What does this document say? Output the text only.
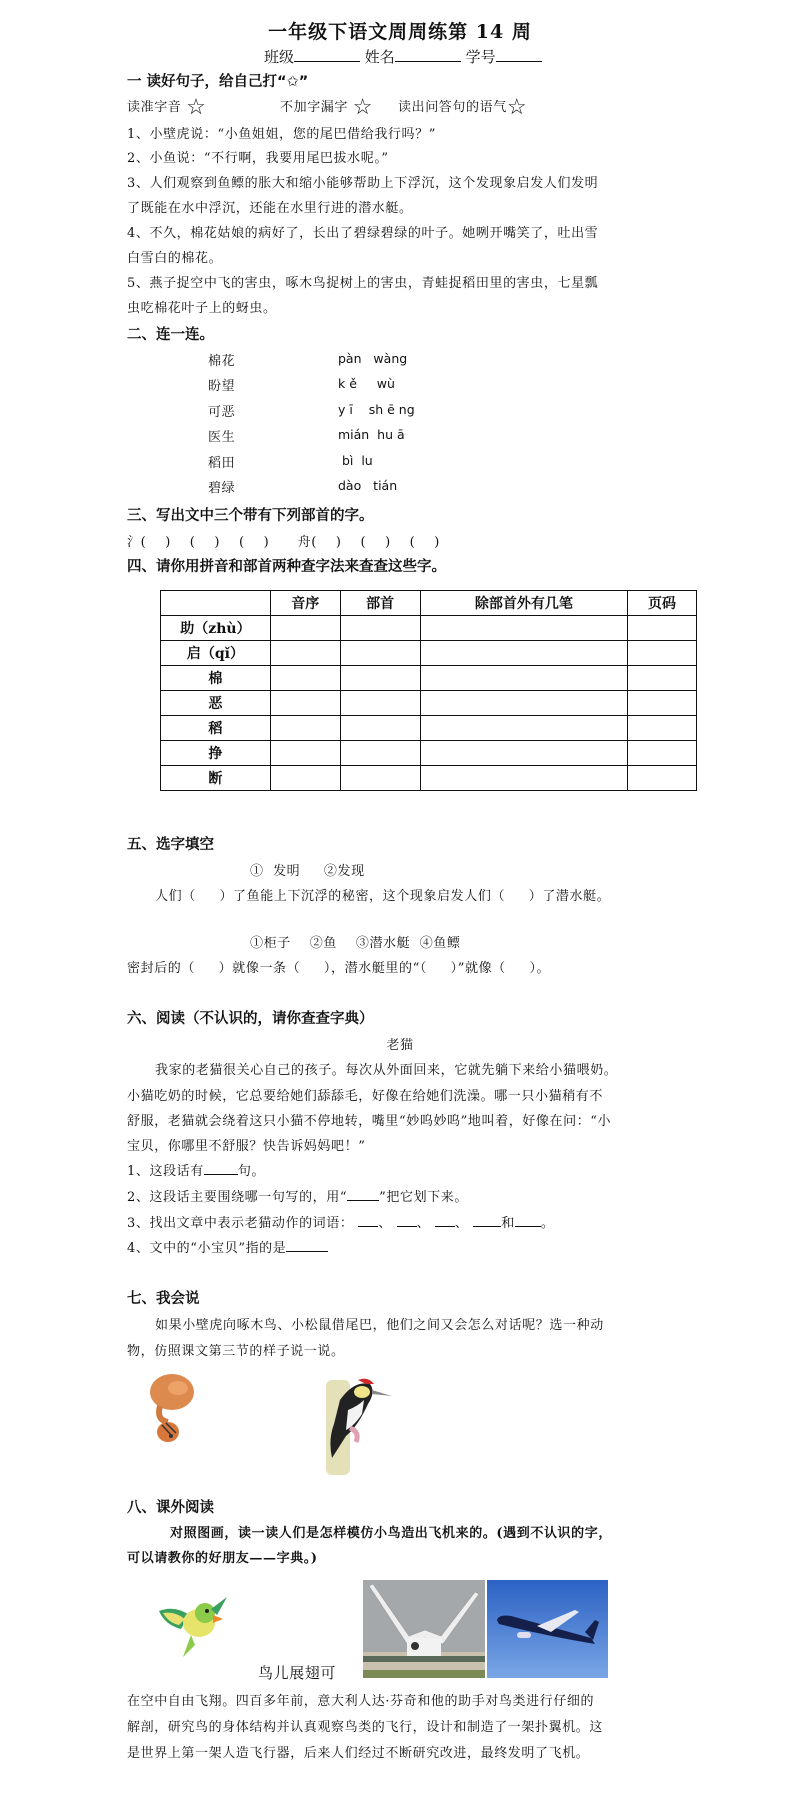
一年级下语文周周练第 14 周
班级	姓名	学号
一 读好句子，给自己打“✩”
读准字音 ☆	不加字漏字 ☆ 读出问答句的语气☆
1、小壁虎说：“小鱼姐姐，您的尾巴借给我行吗？”
2、小鱼说：“不行啊，我要用尾巴拔水呢。”
3、人们观察到鱼鳔的胀大和缩小能够帮助上下浮沉，这个发现象启发人们发明
了既能在水中浮沉，还能在水里行进的潜水艇。
4、不久，棉花姑娘的病好了，长出了碧绿碧绿的叶子。她咧开嘴笑了，吐出雪
白雪白的棉花。
5、燕子捉空中飞的害虫，啄木鸟捉树上的害虫，青蛙捉稻田里的害虫，七星瓢
虫吃棉花叶子上的蚜虫。
二、连一连。
棉花
盼望
可恶
医生
稻田
碧绿
pàn   wàng
k ě     wù
y ī    sh ē ng
mián  hu ā
bì  lu
dào   tián
三、写出文中三个带有下列部首的字。
氵(    )    (    )    (    )      舟(    )    (    )    (    )
四、请你用拼音和部首两种查字法来查查这些字。
	音序	部首	除部首外有几笔	页码
助（zhù）				
启（qǐ）				
棉				
恶				
稻				
挣				
断				
五、选字填空
①  发明     ②发现
人们（     ）了鱼能上下沉浮的秘密，这个现象启发人们（     ）了潜水艇。
①柜子    ②鱼    ③潜水艇  ④鱼鳔
密封后的（     ）就像一条（     ），潜水艇里的“（     ）”就像（     ）。
六、阅读（不认识的，请你查查字典）
老猫
我家的老猫很关心自己的孩子。每次从外面回来，它就先躺下来给小猫喂奶。
小猫吃奶的时候，它总要给她们舔舔毛，好像在给她们洗澡。哪一只小猫稍有不
舒服，老猫就会绕着这只小猫不停地转，嘴里“妙呜妙呜”地叫着，好像在问：“小
宝贝，你哪里不舒服？快告诉妈妈吧！”
1、这段话有	句。
2、这段话主要围绕哪一句写的，用“ ”把它划下来。
3、找出文章中表示老猫动作的词语： 、 、 、	和 。
4、文中的“小宝贝”指的是
七、我会说
如果小壁虎向啄木鸟、小松鼠借尾巴，他们之间又会怎么对话呢？选一种动
物，仿照课文第三节的样子说一说。
八、课外阅读
对照图画，读一读人们是怎样模仿小鸟造出飞机来的。(遇到不认识的字，
可以请教你的好朋友——字典。)
鸟儿展翅可
在空中自由飞翔。四百多年前，意大利人达·芬奇和他的助手对鸟类进行仔细的
解剖，研究鸟的身体结构并认真观察鸟类的飞行，设计和制造了一架扑翼机。这
是世界上第一架人造飞行器，后来人们经过不断研究改进，最终发明了飞机。
